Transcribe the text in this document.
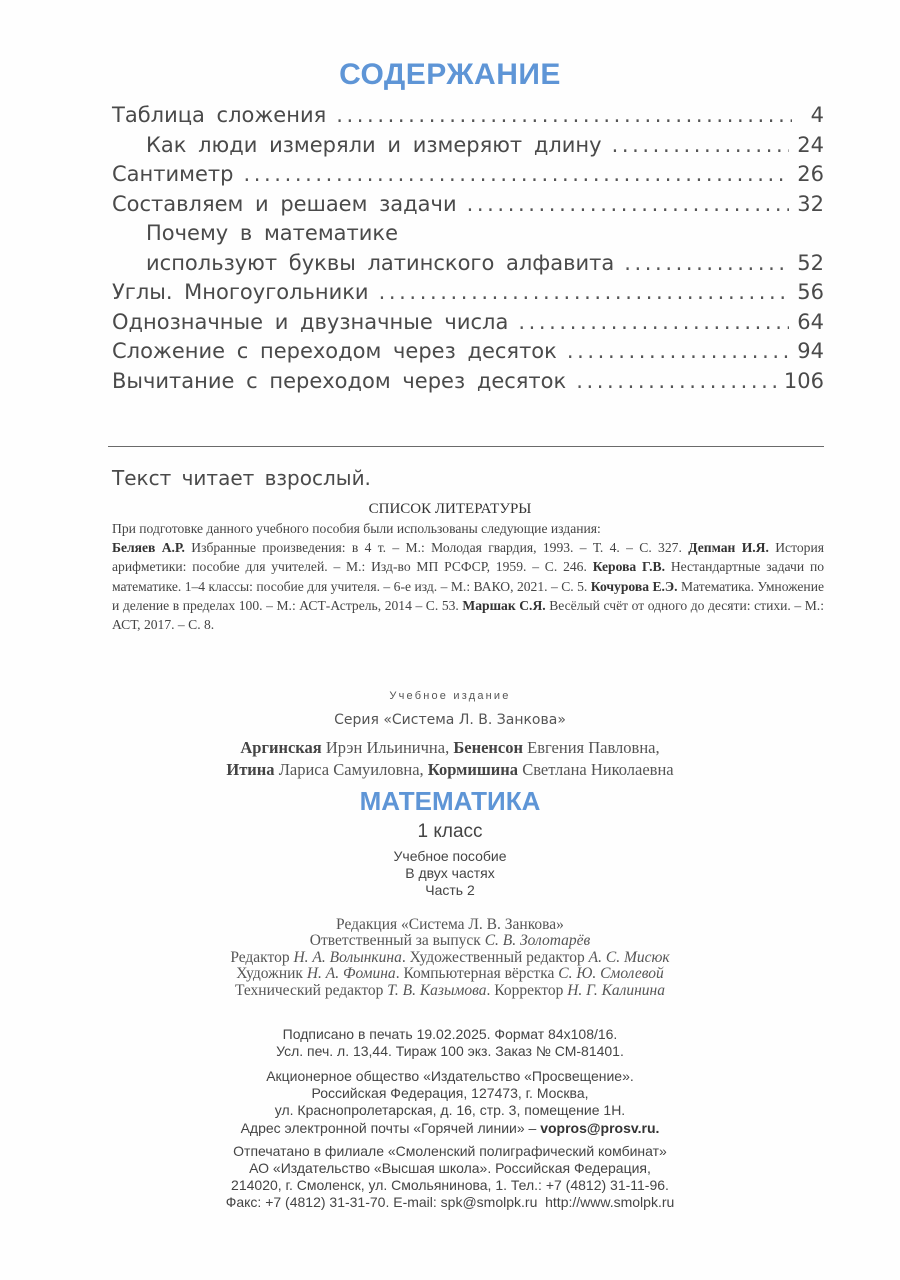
СОДЕРЖАНИЕ
Таблица сложения .....	4
Как люди измеряли и измеряют длину .....	24
Сантиметр .....	26
Составляем и решаем задачи .....	32
Почему в математике
используют буквы латинского алфавита .....	52
Углы. Многоугольники .....	56
Однозначные и двузначные числа .....	64
Сложение с переходом через десяток .....	94
Вычитание с переходом через десяток .....	106
Текст читает взрослый.
СПИСОК ЛИТЕРАТУРЫ
При подготовке данного учебного пособия были использованы следующие издания:
Беляев А.Р. Избранные произведения: в 4 т. – М.: Молодая гвардия, 1993. – Т. 4. – С. 327. Депман И.Я. История арифметики: пособие для учителей. – М.: Изд-во МП РСФСР, 1959. – С. 246. Керова Г.В. Нестандартные задачи по математике. 1–4 классы: пособие для учителя. – 6-е изд. – М.: ВАКО, 2021. – С. 5. Кочурова Е.Э. Математика. Умножение и деление в пределах 100. – М.: АСТ-Астрель, 2014 – С. 53. Маршак С.Я. Весёлый счёт от одного до десяти: стихи. – М.: АСТ, 2017. – С. 8.
Учебное издание
Серия «Система Л. В. Занкова»
Аргинская Ирэн Ильинична, Бененсон Евгения Павловна,
Итина Лариса Самуиловна, Кормишина Светлана Николаевна
МАТЕМАТИКА
1 класс
Учебное пособие
В двух частях
Часть 2
Редакция «Система Л. В. Занкова»
Ответственный за выпуск С. В. Золотарёв
Редактор Н. А. Волынкина. Художественный редактор А. С. Мисюк
Художник Н. А. Фомина. Компьютерная вёрстка С. Ю. Смолевой
Технический редактор Т. В. Казымова. Корректор Н. Г. Калинина
Подписано в печать 19.02.2025. Формат 84x108/16.
Усл. печ. л. 13,44. Тираж 100 экз. Заказ № СМ-81401.
Акционерное общество «Издательство «Просвещение».
Российская Федерация, 127473, г. Москва,
ул. Краснопролетарская, д. 16, стр. 3, помещение 1Н.
Адрес электронной почты «Горячей линии» – vopros@prosv.ru.
Отпечатано в филиале «Смоленский полиграфический комбинат»
АО «Издательство «Высшая школа». Российская Федерация,
214020, г. Смоленск, ул. Смольянинова, 1. Тел.: +7 (4812) 31-11-96.
Факс: +7 (4812) 31-31-70. E-mail: spk@smolpk.ru  http://www.smolpk.ru
